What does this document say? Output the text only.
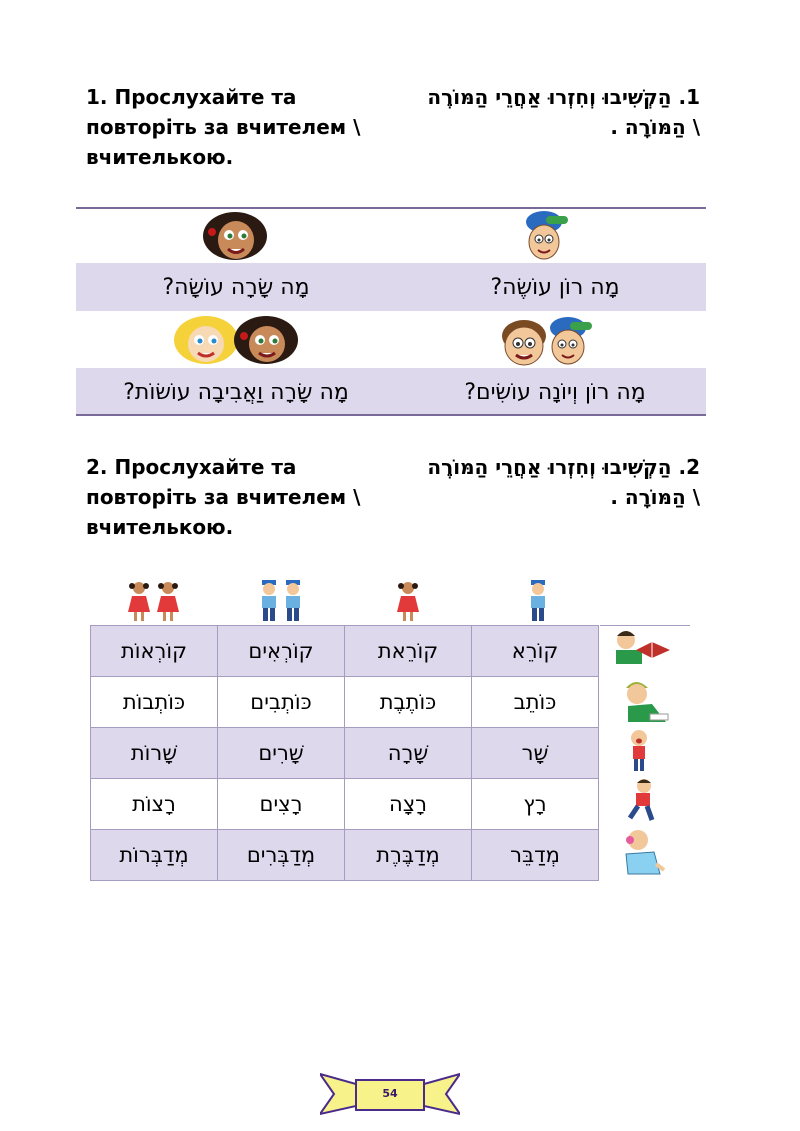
1. Прослухайте та
повторіть за вчителем \
вчителькою.
1. הַקְשִׁיבוּ וְחִזְרוּ אַחֲרֵי הַמּוֹרֶה
\ הַמּוֹרָה .
מָה רוֹן עוֹשֶׂה?
מָה שָׂרָה עוֹשָׂה?
מָה רוֹן וְיוֹנָה עוֹשִׂים?
מָה שָׂרָה וַאֲבִיבָה עוֹשׂוֹת?
2. Прослухайте та
повторіть за вчителем \
вчителькою.
2. הַקְשִׁיבוּ וְחִזְרוּ אַחֲרֵי הַמּוֹרֶה
\ הַמּוֹרָה .
קוֹרְאוֹת	קוֹרְאִים	קוֹרֵאת	קוֹרֵא
כּוֹתְבוֹת	כּוֹתְבִים	כּוֹתֶבֶת	כּוֹתֵב
שָׁרוֹת	שָׁרִים	שָׁרָה	שָׁר
רָצוֹת	רָצִים	רָצָה	רָץ
מְדַבְּרוֹת	מְדַבְּרִים	מְדַבֶּרֶת	מְדַבֵּר
54
